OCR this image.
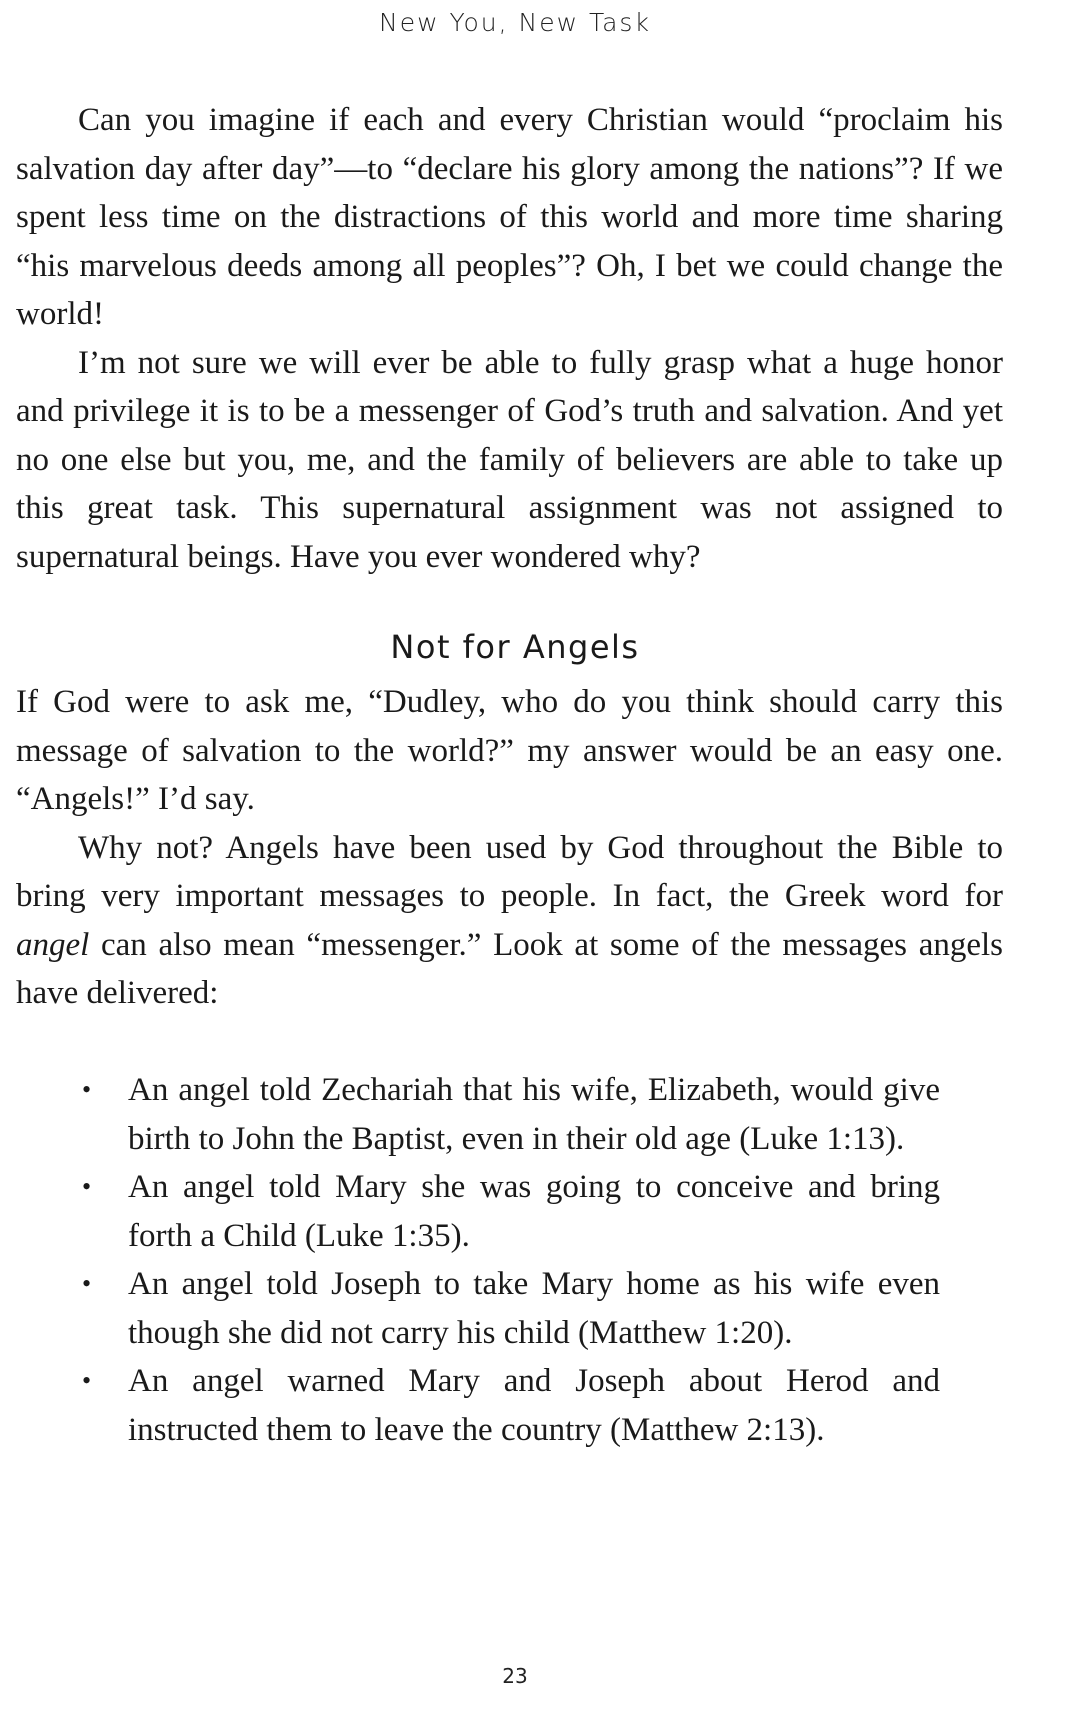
New You, New Task

Can you imagine if each and every Christian would “proclaim his salvation day after day”—to “declare his glory among the nations”? If we spent less time on the distractions of this world and more time sharing “his marvelous deeds among all peoples”? Oh, I bet we could change the world!

I’m not sure we will ever be able to fully grasp what a huge honor and privilege it is to be a messenger of God’s truth and salvation. And yet no one else but you, me, and the family of believers are able to take up this great task. This supernatural assignment was not assigned to supernatural beings. Have you ever wondered why?

Not for Angels

If God were to ask me, “Dudley, who do you think should carry this message of salvation to the world?” my answer would be an easy one. “Angels!” I’d say.

Why not? Angels have been used by God throughout the Bible to bring very important messages to people. In fact, the Greek word for angel can also mean “messenger.” Look at some of the messages angels have delivered:

• An angel told Zechariah that his wife, Elizabeth, would give birth to John the Baptist, even in their old age (Luke 1:13).
• An angel told Mary she was going to conceive and bring forth a Child (Luke 1:35).
• An angel told Joseph to take Mary home as his wife even though she did not carry his child (Matthew 1:20).
• An angel warned Mary and Joseph about Herod and instructed them to leave the country (Matthew 2:13).
23
